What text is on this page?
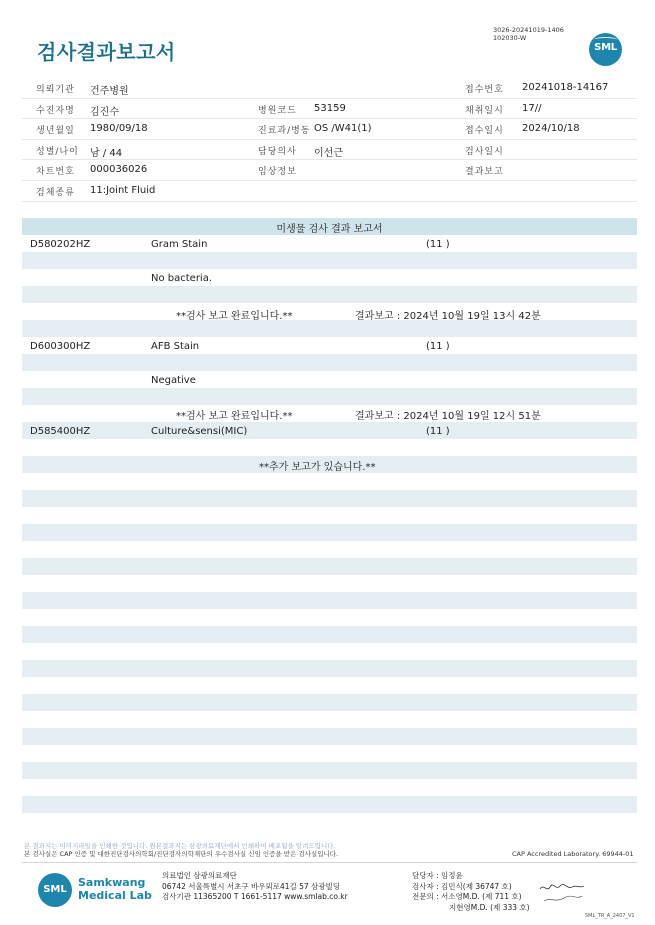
3026-20241019-1406
102030-W
검사결과보고서	SML
의뢰기관 건주병원	접수번호 20241018-14167
수진자명 김진수	병원코드 53159	채취일시 17//
생년월일 1980/09/18	진료과/병동 OS /W41(1)	접수일시 2024/10/18
성별/나이 남 / 44	담당의사 이선근	검사일시
차트번호 000036026	임상정보	결과보고
검체종류 11:Joint Fluid
미생물 검사 결과 보고서
D580202HZ	Gram Stain	(11 )
No bacteria.
**검사 보고 완료입니다.**	결과보고 : 2024년 10월 19일 13시 42분
D600300HZ	AFB Stain	(11 )
Negative
**검사 보고 완료입니다.**	결과보고 : 2024년 10월 19일 12시 51분
D585400HZ	Culture&sensi(MIC)	(11 )
**추가 보고가 있습니다.**
본 결과지는 이미지파일을 인쇄한 것입니다. 원본결과지는 삼광의료재단에서 인쇄하여 배포됨을 알려드립니다.
본 검사실은 CAP 인증 및 대한진단검사의학회/진단검사의학재단의 우수검사실 신임 인증을 받은 검사실입니다.	CAP Accredited Laboratory. 69944-01
SML
Samkwang
Medical Lab
의료법인 삼광의료재단
06742 서울특별시 서초구 바우뫼로41길 57 삼광빌딩
검사기관 11365200 T 1661-5117 www.smlab.co.kr
담당자 : 임정윤
검사자 : 김민식(제 36747 호)
전문의 : 서소영M.D. (제 711 호)
지현영M.D. (제 333 호)
SML_TR_A_2407_V1
